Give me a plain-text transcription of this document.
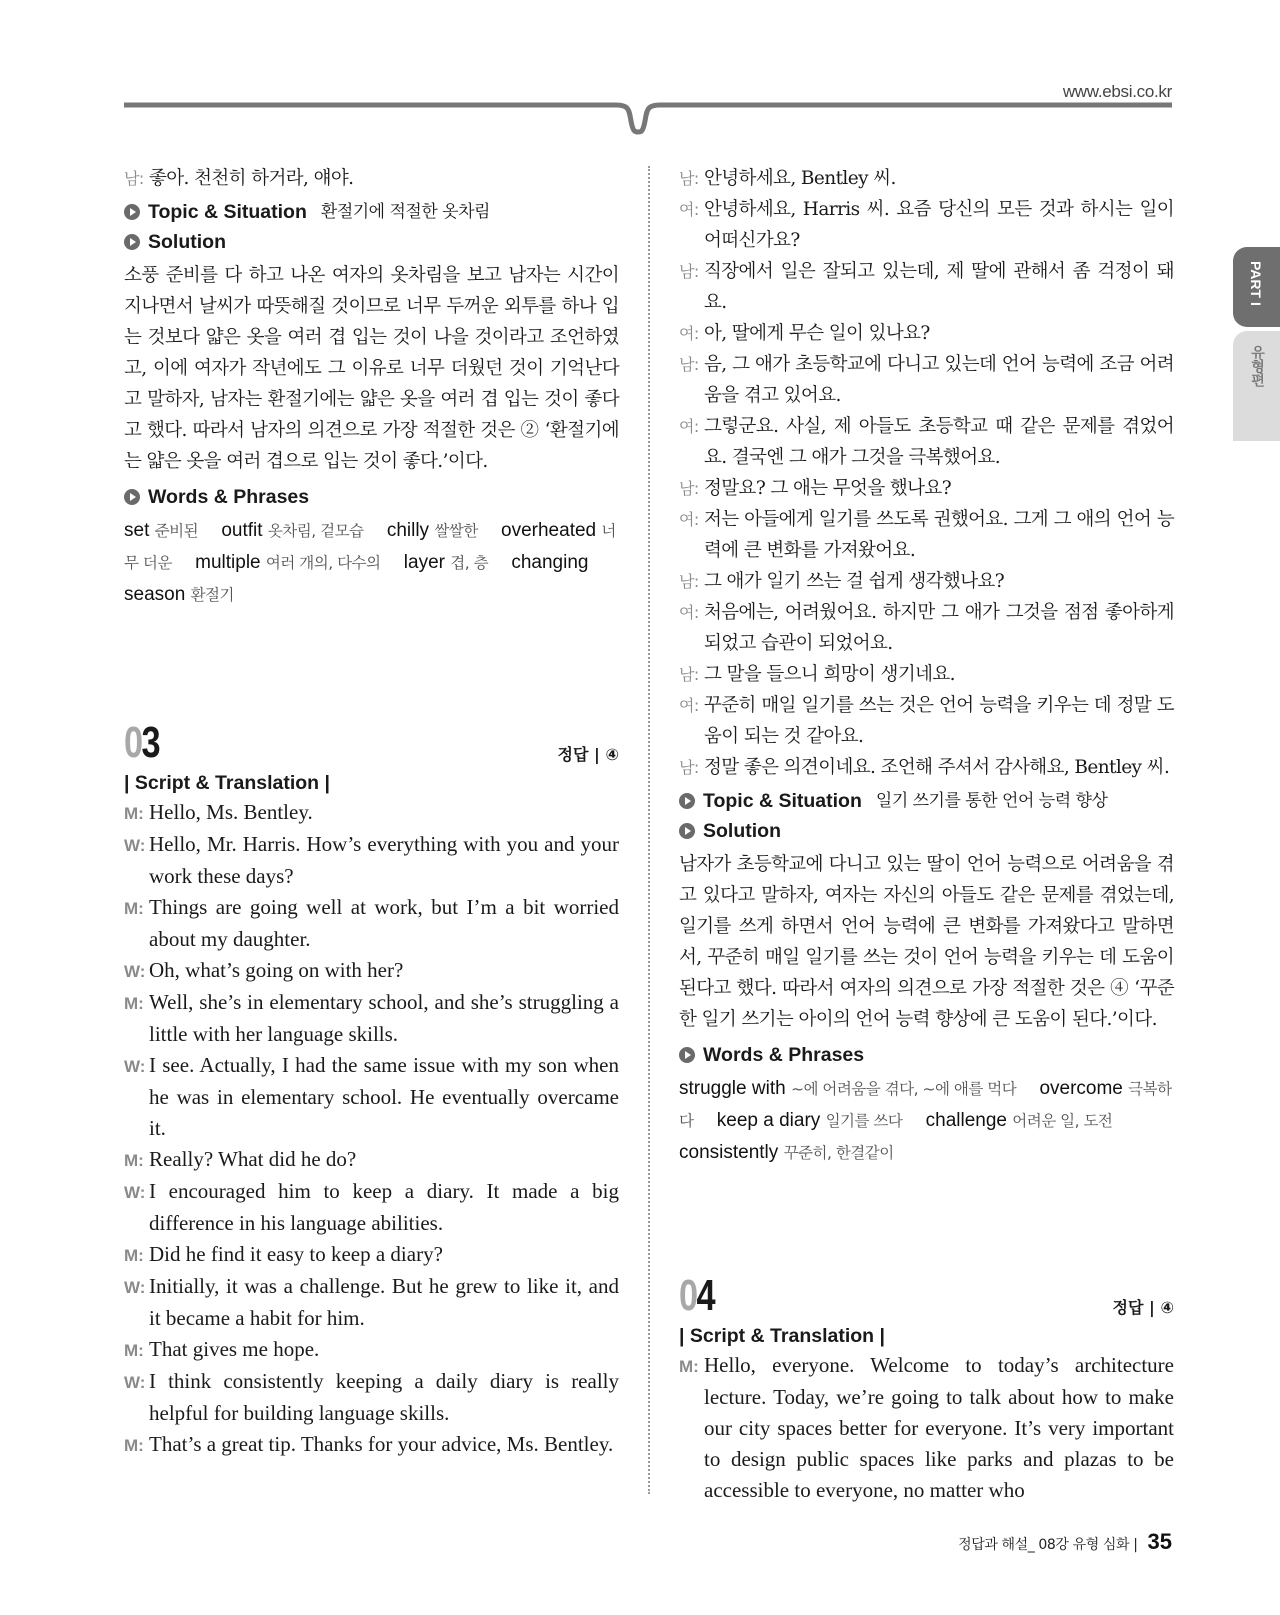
www.ebsi.co.kr
PART I
유형편
남: 좋아. 천천히 하거라, 얘야.
Topic & Situation 환절기에 적절한 옷차림
Solution
소풍 준비를 다 하고 나온 여자의 옷차림을 보고 남자는 시간이 지나면서 날씨가 따뜻해질 것이므로 너무 두꺼운 외투를 하나 입는 것보다 얇은 옷을 여러 겹 입는 것이 나을 것이라고 조언하였고, 이에 여자가 작년에도 그 이유로 너무 더웠던 것이 기억난다고 말하자, 남자는 환절기에는 얇은 옷을 여러 겹 입는 것이 좋다고 했다. 따라서 남자의 의견으로 가장 적절한 것은 ② ‘환절기에는 얇은 옷을 여러 겹으로 입는 것이 좋다.’이다.
Words & Phrases
set 준비된 outfit 옷차림, 겉모습 chilly 쌀쌀한 overheated 너무 더운 multiple 여러 개의, 다수의 layer 겹, 층 changing season 환절기
03	정답 | ④
| Script & Translation |
M: Hello, Ms. Bentley.
W: Hello, Mr. Harris. How’s everything with you and your work these days?
M: Things are going well at work, but I’m a bit worried about my daughter.
W: Oh, what’s going on with her?
M: Well, she’s in elementary school, and she’s struggling a little with her language skills.
W: I see. Actually, I had the same issue with my son when he was in elementary school. He eventually overcame it.
M: Really? What did he do?
W: I encouraged him to keep a diary. It made a big difference in his language abilities.
M: Did he find it easy to keep a diary?
W: Initially, it was a challenge. But he grew to like it, and it became a habit for him.
M: That gives me hope.
W: I think consistently keeping a daily diary is really helpful for building language skills.
M: That’s a great tip. Thanks for your advice, Ms. Bentley.
남: 안녕하세요, Bentley 씨.
여: 안녕하세요, Harris 씨. 요즘 당신의 모든 것과 하시는 일이 어떠신가요?
남: 직장에서 일은 잘되고 있는데, 제 딸에 관해서 좀 걱정이 돼요.
여: 아, 딸에게 무슨 일이 있나요?
남: 음, 그 애가 초등학교에 다니고 있는데 언어 능력에 조금 어려움을 겪고 있어요.
여: 그렇군요. 사실, 제 아들도 초등학교 때 같은 문제를 겪었어요. 결국엔 그 애가 그것을 극복했어요.
남: 정말요? 그 애는 무엇을 했나요?
여: 저는 아들에게 일기를 쓰도록 권했어요. 그게 그 애의 언어 능력에 큰 변화를 가져왔어요.
남: 그 애가 일기 쓰는 걸 쉽게 생각했나요?
여: 처음에는, 어려웠어요. 하지만 그 애가 그것을 점점 좋아하게 되었고 습관이 되었어요.
남: 그 말을 들으니 희망이 생기네요.
여: 꾸준히 매일 일기를 쓰는 것은 언어 능력을 키우는 데 정말 도움이 되는 것 같아요.
남: 정말 좋은 의견이네요. 조언해 주셔서 감사해요, Bentley 씨.
Topic & Situation 일기 쓰기를 통한 언어 능력 향상
Solution
남자가 초등학교에 다니고 있는 딸이 언어 능력으로 어려움을 겪고 있다고 말하자, 여자는 자신의 아들도 같은 문제를 겪었는데, 일기를 쓰게 하면서 언어 능력에 큰 변화를 가져왔다고 말하면서, 꾸준히 매일 일기를 쓰는 것이 언어 능력을 키우는 데 도움이 된다고 했다. 따라서 여자의 의견으로 가장 적절한 것은 ④ ‘꾸준한 일기 쓰기는 아이의 언어 능력 향상에 큰 도움이 된다.’이다.
Words & Phrases
struggle with ~에 어려움을 겪다, ~에 애를 먹다 overcome 극복하다 keep a diary 일기를 쓰다 challenge 어려운 일, 도전 consistently 꾸준히, 한결같이
04	정답 | ④
| Script & Translation |
M: Hello, everyone. Welcome to today’s architecture lecture. Today, we’re going to talk about how to make our city spaces better for everyone. It’s very important to design public spaces like parks and plazas to be accessible to everyone, no matter who
정답과 해설_ 08강 유형 심화 | 35
